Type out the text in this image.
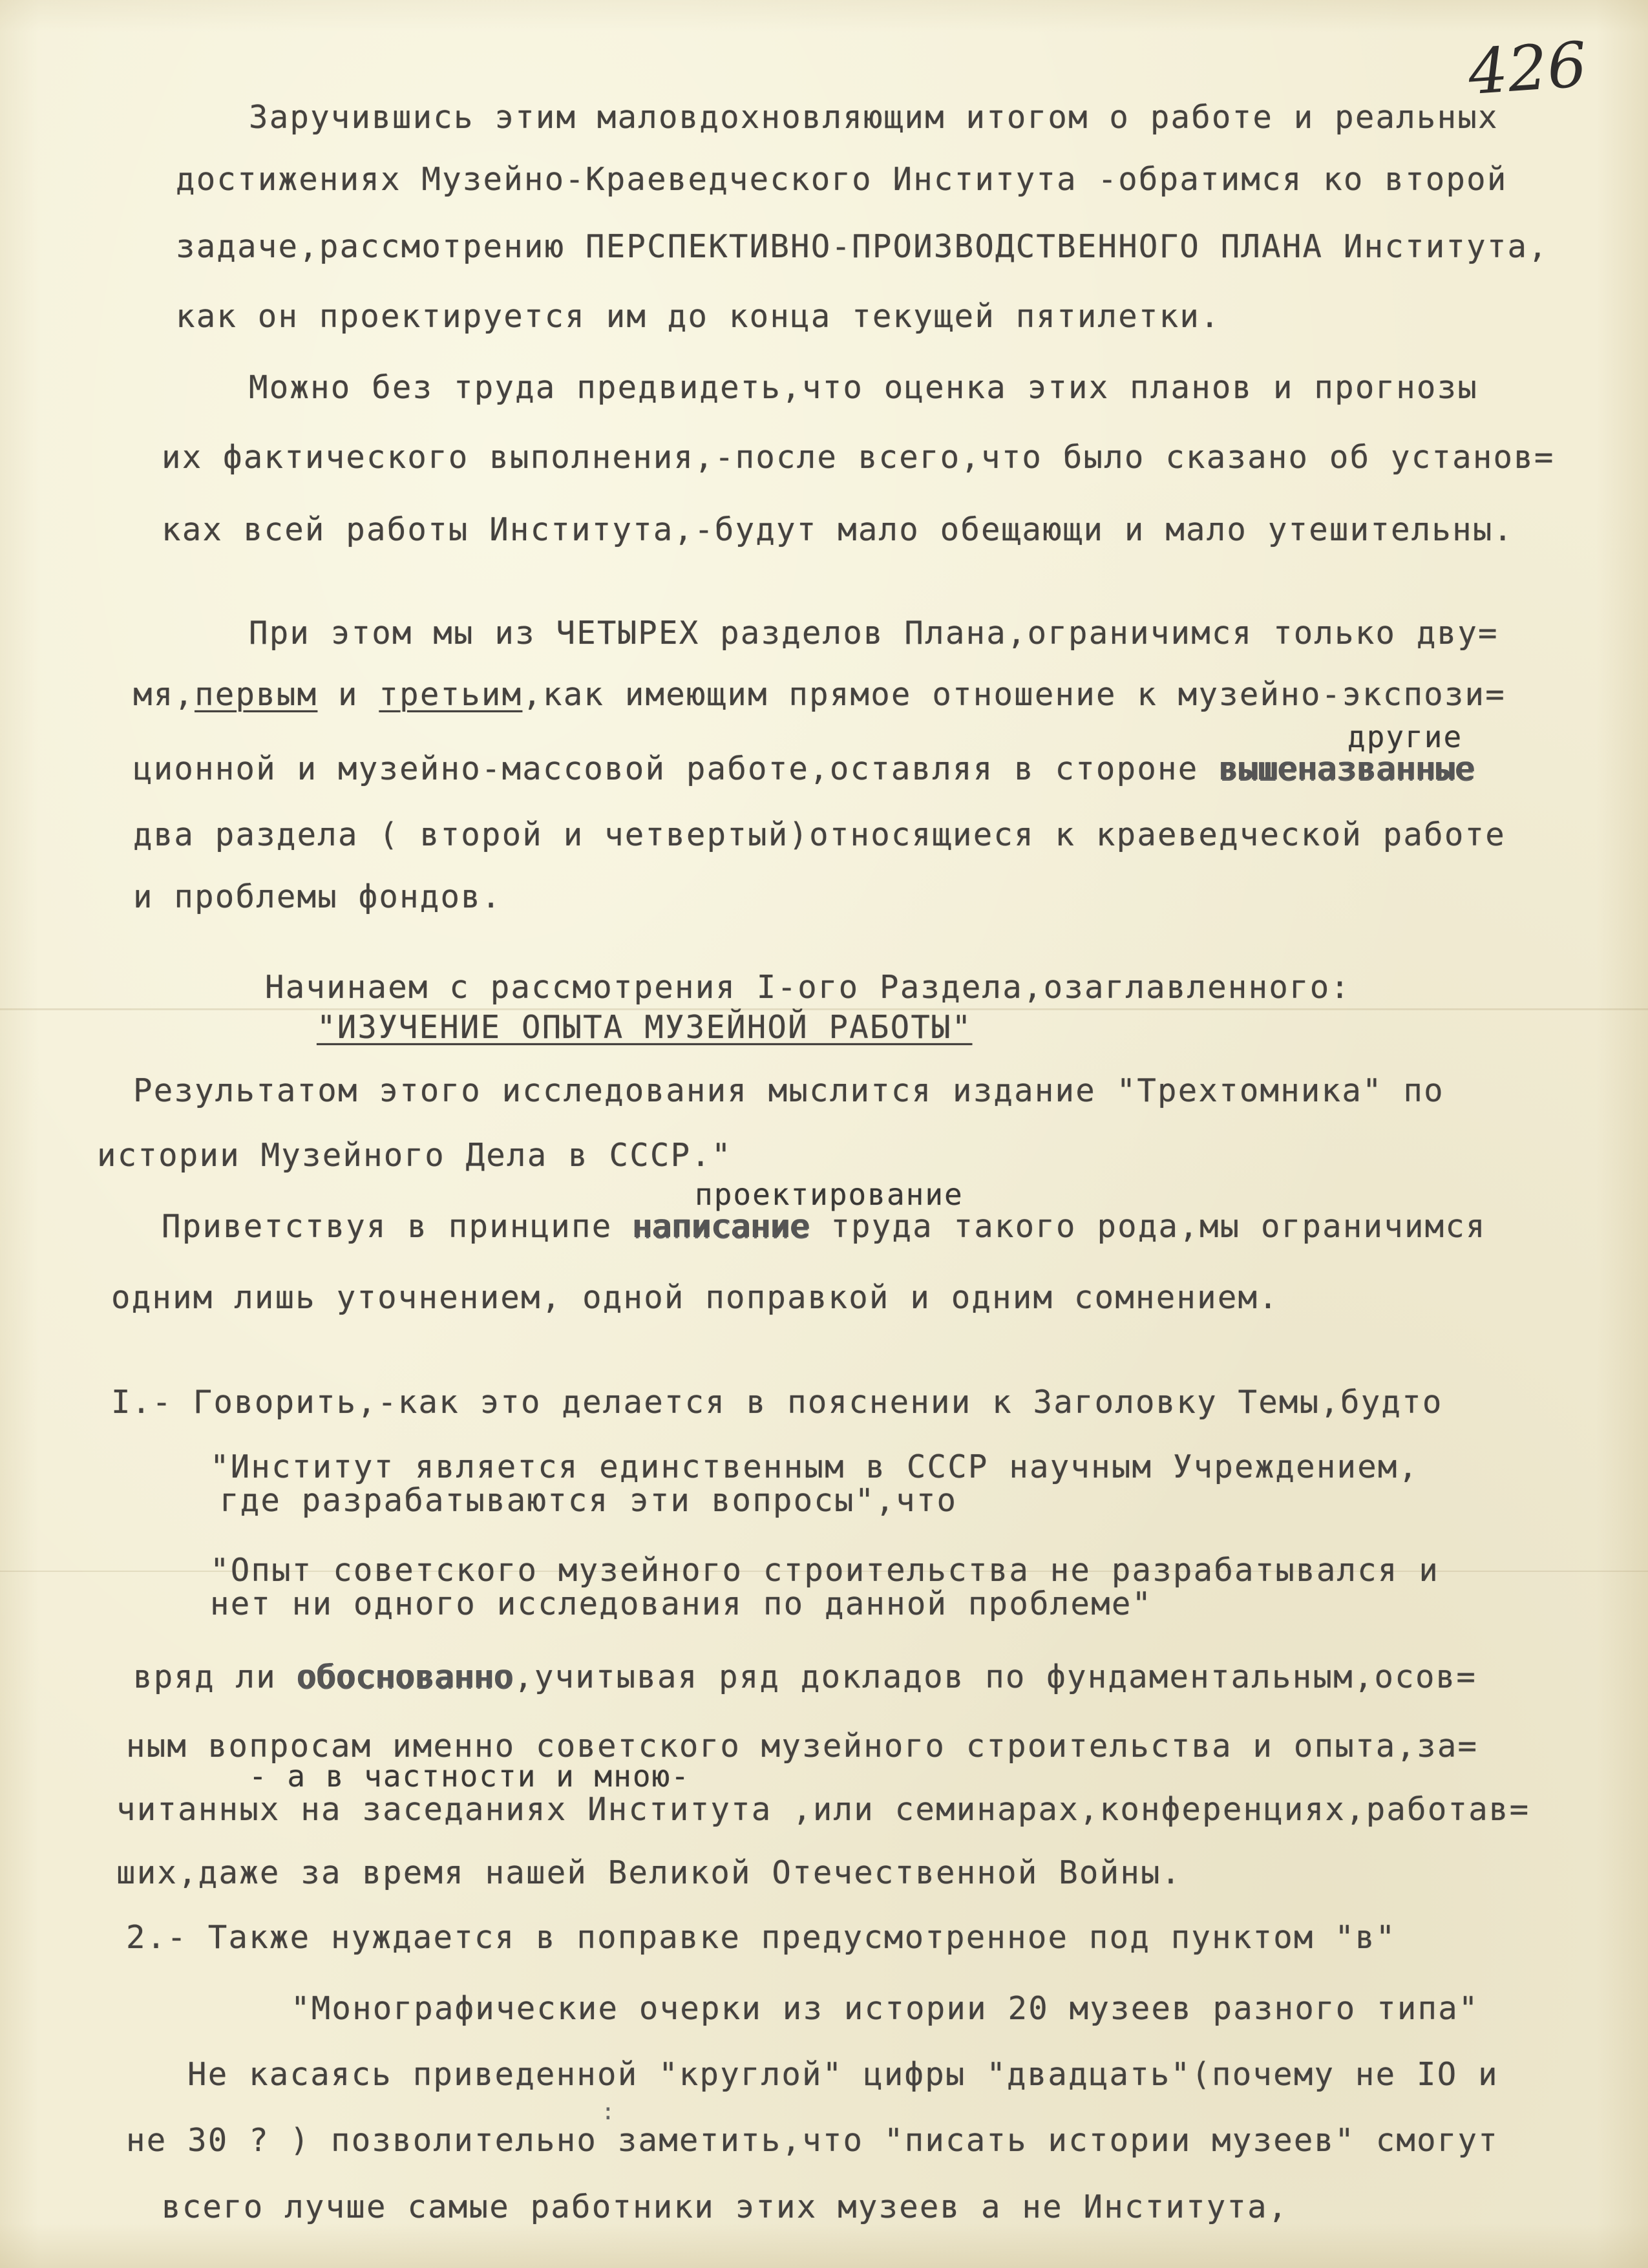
426
Заручившись этим маловдохновляющим итогом о работе и реальных
достижениях Музейно-Краеведческого Института -обратимся ко второй
задаче,рассмотрению ПЕРСПЕКТИВНО-ПРОИЗВОДСТВЕННОГО ПЛАНА Института,
как он проектируется им до конца текущей пятилетки.
Можно без труда предвидеть,что оценка этих планов и прогнозы
их фактического выполнения,-после всего,что было сказано об установ=
ках всей работы Института,-будут мало обещающи и мало утешительны.
При этом мы из ЧЕТЫРЕХ разделов Плана,ограничимся только дву=
мя,первым и третьим,как имеющим прямое отношение к музейно-экспози=
другие
ционной и музейно-массовой работе,оставляя в стороне вышеназванные
два раздела ( второй и четвертый)относящиеся к краеведческой работе
и проблемы фондов.
Начинаем с рассмотрения I-ого Раздела,озаглавленного:
"ИЗУЧЕНИЕ ОПЫТА МУЗЕЙНОЙ РАБОТЫ"
Результатом этого исследования мыслится издание "Трехтомника" по
истории Музейного Дела в СССР."
проектирование
Приветствуя в принципе написание труда такого рода,мы ограничимся
одним лишь уточнением, одной поправкой и одним сомнением.
I.- Говорить,-как это делается в пояснении к Заголовку Темы,будто
"Институт является единственным в СССР научным Учреждением,
где разрабатываются эти вопросы",что
"Опыт советского музейного строительства не разрабатывался и
нет ни одного исследования по данной проблеме"
вряд ли обоснованно,учитывая ряд докладов по фундаментальным,осов=
ным вопросам именно советского музейного строительства и опыта,за=
- а в частности и мною-
читанных на заседаниях Института ,или семинарах,конференциях,работав=
ших,даже за время нашей Великой Отечественной Войны.
2.- Также нуждается в поправке предусмотренное под пунктом "в"
"Монографические очерки из истории 20 музеев разного типа"
Не касаясь приведенной "круглой" цифры "двадцать"(почему не IO и
не 30 ? ) позволительно заметить,что "писать истории музеев" смогут
всего лучше самые работники этих музеев а не Института,
:
